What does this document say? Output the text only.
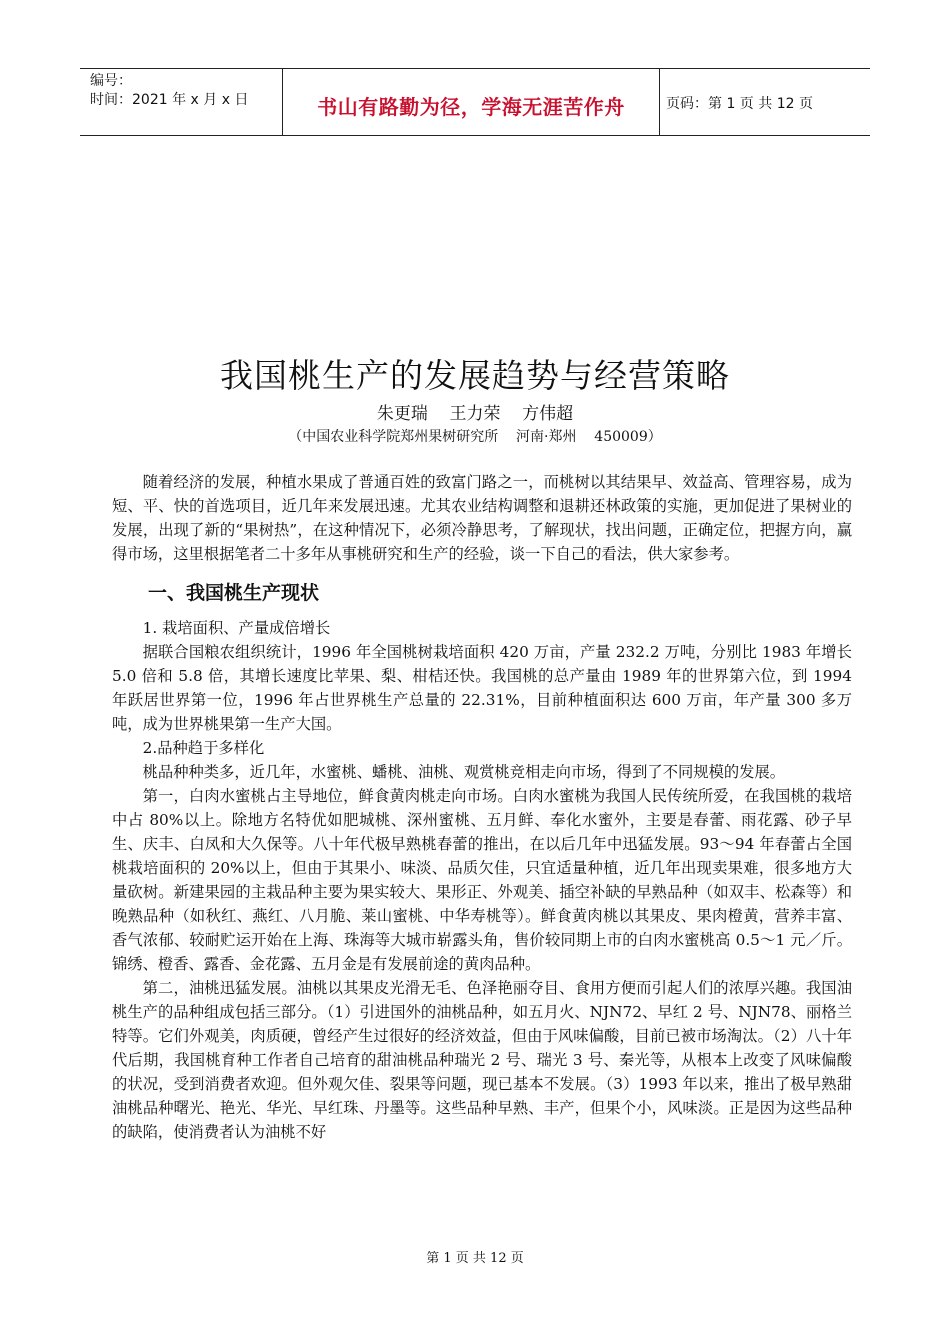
编号：
时间：2021 年 x 月 x 日	书山有路勤为径，学海无涯苦作舟	页码：第 1 页 共 12 页
我国桃生产的发展趋势与经营策略
朱更瑞    王力荣    方伟超
（中国农业科学院郑州果树研究所    河南·郑州    450009）

随着经济的发展，种植水果成了普通百姓的致富门路之一，而桃树以其结果早、效益高、管理容易，成为短、平、快的首选项目，近几年来发展迅速。尤其农业结构调整和退耕还林政策的实施，更加促进了果树业的发展，出现了新的“果树热”，在这种情况下，必须冷静思考，了解现状，找出问题，正确定位，把握方向，赢得市场，这里根据笔者二十多年从事桃研究和生产的经验，谈一下自己的看法，供大家参考。

一、我国桃生产现状

1. 栽培面积、产量成倍增长

据联合国粮农组织统计，1996 年全国桃树栽培面积 420 万亩，产量 232.2 万吨，分别比 1983 年增长 5.0 倍和 5.8 倍，其增长速度比苹果、梨、柑桔还快。我国桃的总产量由 1989 年的世界第六位，到 1994 年跃居世界第一位，1996 年占世界桃生产总量的 22.31%，目前种植面积达 600 万亩，年产量 300 多万吨，成为世界桃果第一生产大国。

2.品种趋于多样化

桃品种种类多，近几年，水蜜桃、蟠桃、油桃、观赏桃竞相走向市场，得到了不同规模的发展。

第一，白肉水蜜桃占主导地位，鲜食黄肉桃走向市场。白肉水蜜桃为我国人民传统所爱，在我国桃的栽培中占 80%以上。除地方名特优如肥城桃、深州蜜桃、五月鲜、奉化水蜜外，主要是春蕾、雨花露、砂子早生、庆丰、白凤和大久保等。八十年代极早熟桃春蕾的推出，在以后几年中迅猛发展。93～94 年春蕾占全国桃栽培面积的 20%以上，但由于其果小、味淡、品质欠佳，只宜适量种植，近几年出现卖果难，很多地方大量砍树。新建果园的主栽品种主要为果实较大、果形正、外观美、插空补缺的早熟品种（如双丰、松森等）和晚熟品种（如秋红、燕红、八月脆、莱山蜜桃、中华寿桃等）。鲜食黄肉桃以其果皮、果肉橙黄，营养丰富、香气浓郁、较耐贮运开始在上海、珠海等大城市崭露头角，售价较同期上市的白肉水蜜桃高 0.5～1 元／斤。锦绣、橙香、露香、金花露、五月金是有发展前途的黄肉品种。

第二，油桃迅猛发展。油桃以其果皮光滑无毛、色泽艳丽夺目、食用方便而引起人们的浓厚兴趣。我国油桃生产的品种组成包括三部分。（1）引进国外的油桃品种，如五月火、NJN72、早红 2 号、NJN78、丽格兰特等。它们外观美，肉质硬，曾经产生过很好的经济效益，但由于风味偏酸，目前已被市场淘汰。（2）八十年代后期，我国桃育种工作者自己培育的甜油桃品种瑞光 2 号、瑞光 3 号、秦光等，从根本上改变了风味偏酸的状况，受到消费者欢迎。但外观欠佳、裂果等问题，现已基本不发展。（3）1993 年以来，推出了极早熟甜油桃品种曙光、艳光、华光、早红珠、丹墨等。这些品种早熟、丰产，但果个小，风味淡。正是因为这些品种的缺陷，使消费者认为油桃不好

第 1 页 共 12 页
